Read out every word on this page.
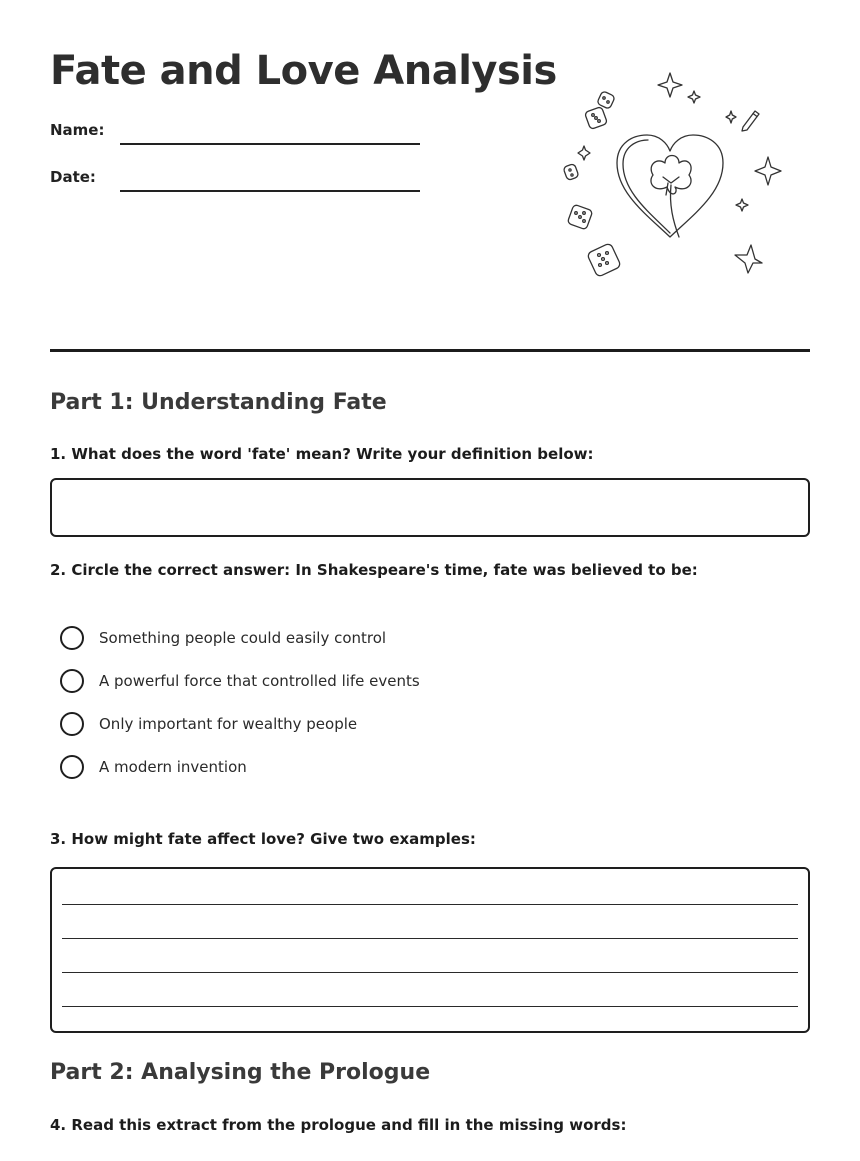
Fate and Love Analysis
Name:
Date:
Part 1: Understanding Fate

1. What does the word 'fate' mean? Write your definition below:

2. Circle the correct answer: In Shakespeare's time, fate was believed to be:

Something people could easily control
A powerful force that controlled life events
Only important for wealthy people
A modern invention

3. How might fate affect love? Give two examples:

Part 2: Analysing the Prologue

4. Read this extract from the prologue and fill in the missing words:
